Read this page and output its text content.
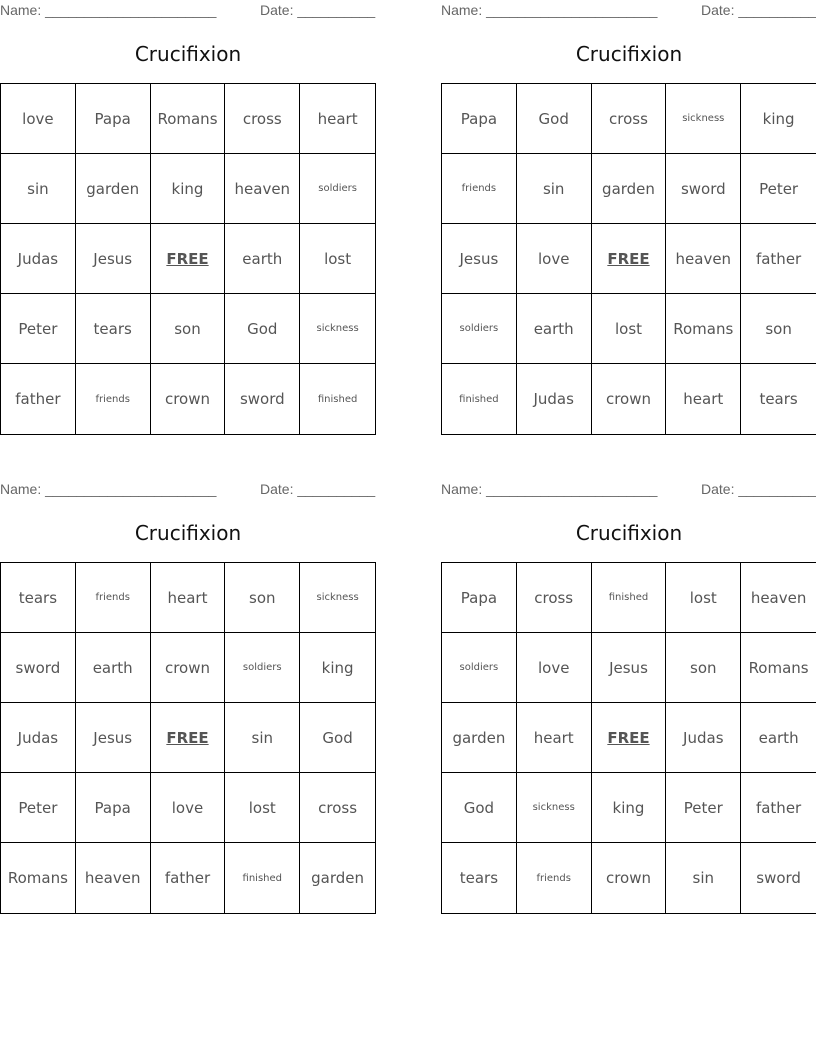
Name: ______________________	Date: __________
Crucifixion
love	Papa	Romans	cross	heart
sin	garden	king	heaven	soldiers
Judas	Jesus	FREE	earth	lost
Peter	tears	son	God	sickness
father	friends	crown	sword	finished
Name: ______________________	Date: __________
Crucifixion
Papa	God	cross	sickness	king
friends	sin	garden	sword	Peter
Jesus	love	FREE	heaven	father
soldiers	earth	lost	Romans	son
finished	Judas	crown	heart	tears
Name: ______________________	Date: __________
Crucifixion
tears	friends	heart	son	sickness
sword	earth	crown	soldiers	king
Judas	Jesus	FREE	sin	God
Peter	Papa	love	lost	cross
Romans	heaven	father	finished	garden
Name: ______________________	Date: __________
Crucifixion
Papa	cross	finished	lost	heaven
soldiers	love	Jesus	son	Romans
garden	heart	FREE	Judas	earth
God	sickness	king	Peter	father
tears	friends	crown	sin	sword
